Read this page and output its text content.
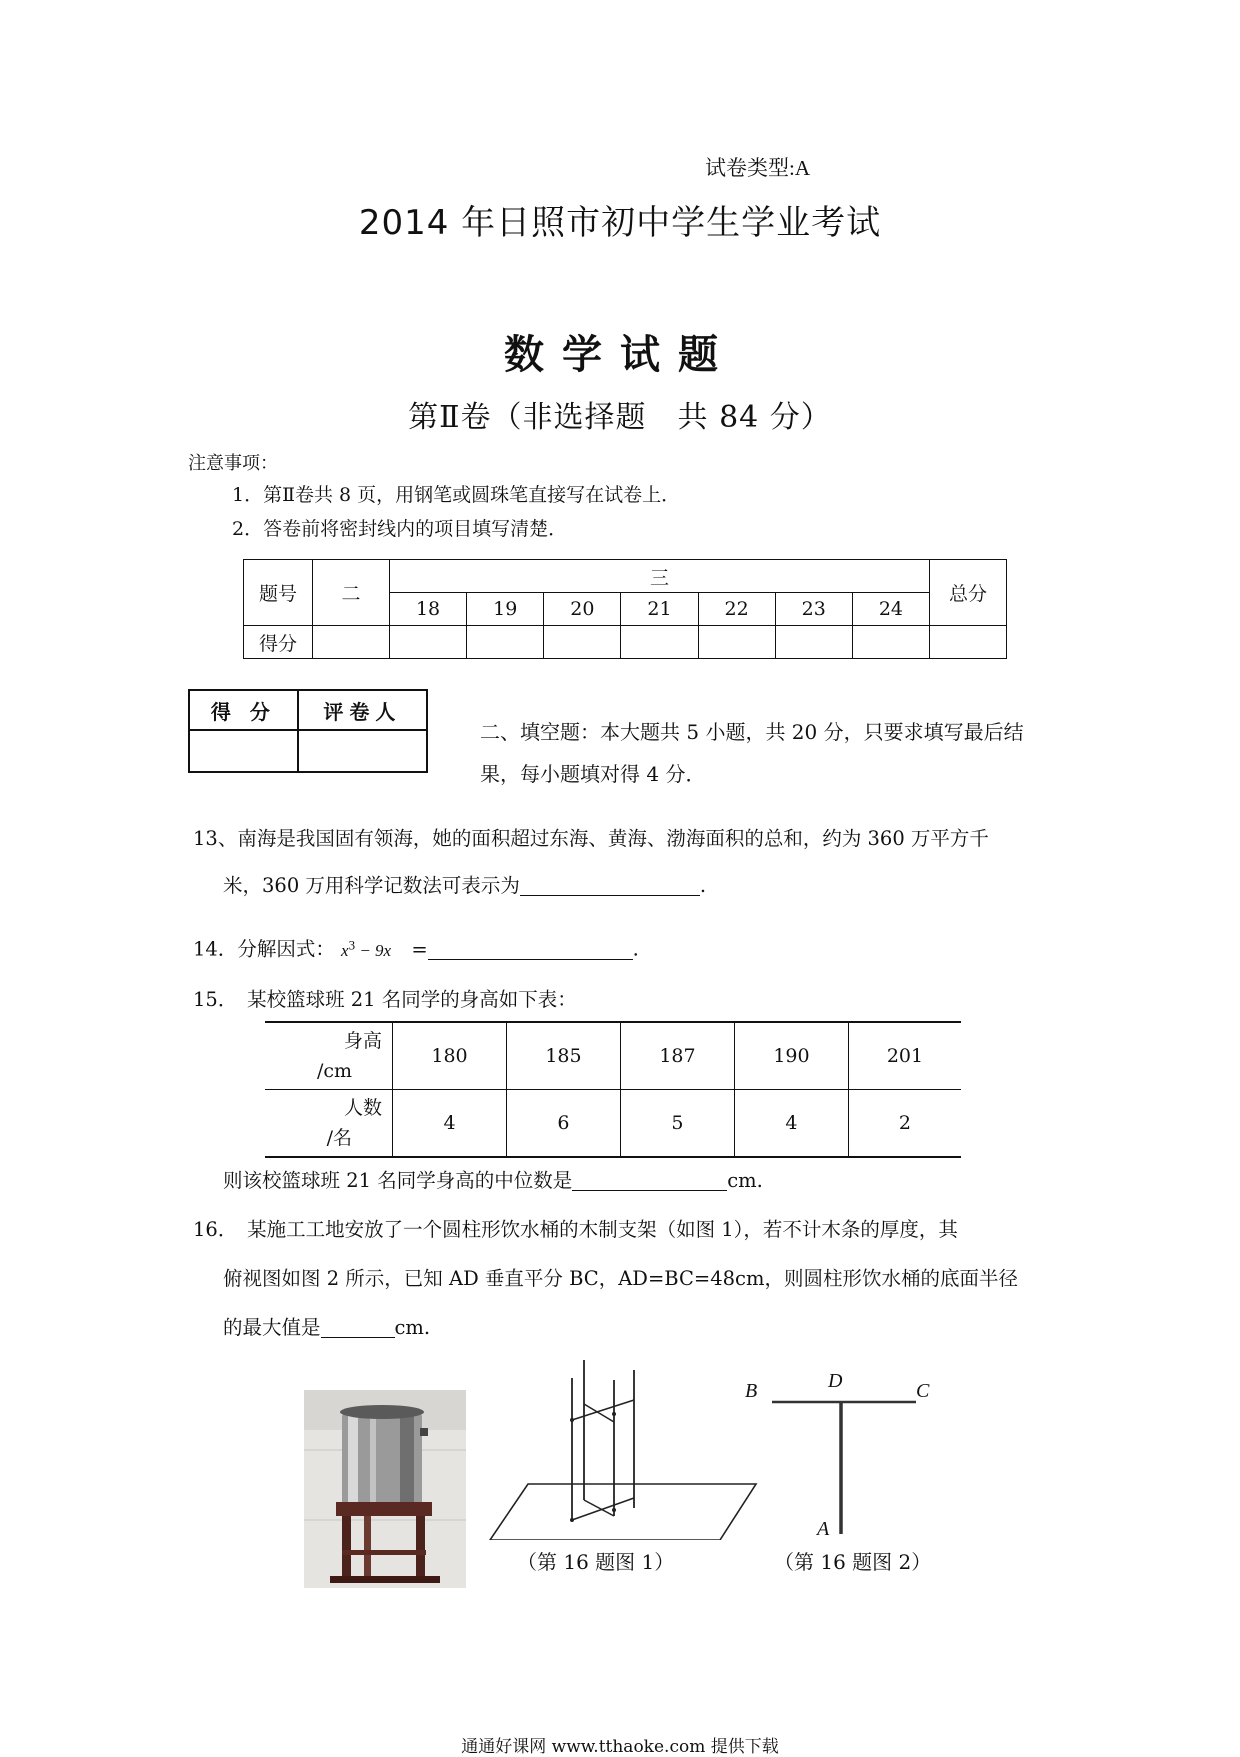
试卷类型:A
2014 年日照市初中学生学业考试
数学试题
第Ⅱ卷（非选择题　共 84 分）
注意事项：
1．第Ⅱ卷共 8 页，用钢笔或圆珠笔直接写在试卷上．
2．答卷前将密封线内的项目填写清楚．
题号	二	三							总分
		18	19	20	21	22	23	24	
得分									
得 分	评卷人

二、填空题：本大题共 5 小题，共 20 分，只要求填写最后结果，每小题填对得 4 分．
13、南海是我国固有领海，她的面积超过东海、黄海、渤海面积的总和，约为 360 万平方千
米，360 万用科学记数法可表示为	.
14．分解因式： $x^3 - 9x$ =	.
15．　某校篮球班 21 名同学的身高如下表：
身高
/cm	180	185	187	190	201
人数
/名	4	6	5	4	2
则该校篮球班 21 名同学身高的中位数是	cm.
16．　某施工工地安放了一个圆柱形饮水桶的木制支架（如图 1），若不计木条的厚度，其
俯视图如图 2 所示，已知 AD 垂直平分 BC，AD=BC=48cm，则圆柱形饮水桶的底面半径
的最大值是	cm.
（第 16 题图 1）
B	D	C
A
（第 16 题图 2）
通通好课网 www.tthaoke.com 提供下载
